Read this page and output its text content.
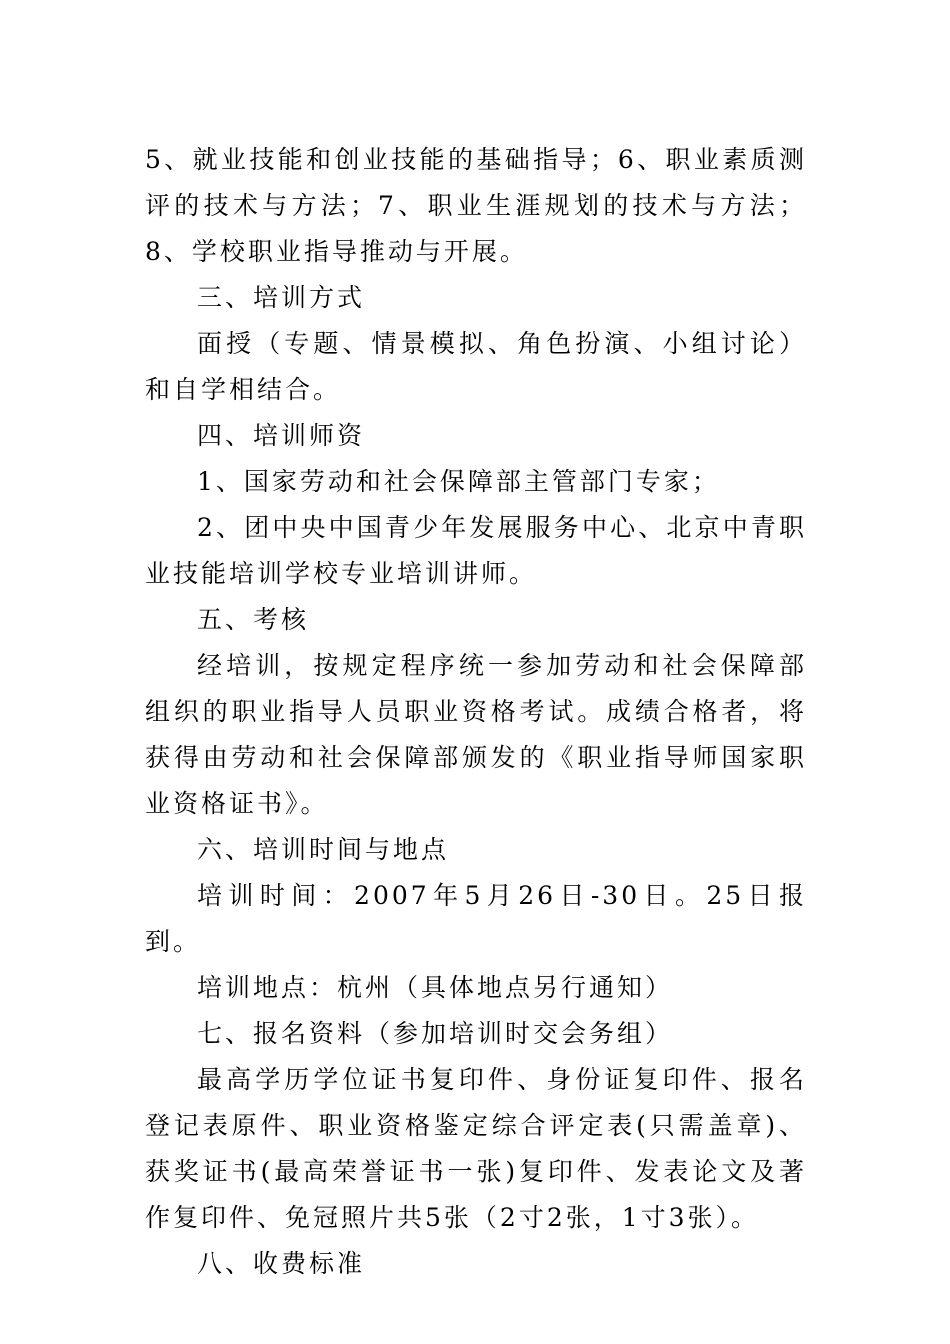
5、就业技能和创业技能的基础指导；6、职业素质测评的技术与方法；7、职业生涯规划的技术与方法；8、学校职业指导推动与开展。

三、培训方式

面授（专题、情景模拟、角色扮演、小组讨论）和自学相结合。

四、培训师资

1、国家劳动和社会保障部主管部门专家；

2、团中央中国青少年发展服务中心、北京中青职业技能培训学校专业培训讲师。

五、考核

经培训，按规定程序统一参加劳动和社会保障部组织的职业指导人员职业资格考试。成绩合格者，将获得由劳动和社会保障部颁发的《职业指导师国家职业资格证书》。

六、培训时间与地点

培训时间：2007年5月26日-30日。25日报到。

培训地点：杭州（具体地点另行通知）

七、报名资料（参加培训时交会务组）

最高学历学位证书复印件、身份证复印件、报名登记表原件、职业资格鉴定综合评定表(只需盖章)、获奖证书(最高荣誉证书一张)复印件、发表论文及著作复印件、免冠照片共5张（2寸2张，1寸3张）。

八、收费标准
